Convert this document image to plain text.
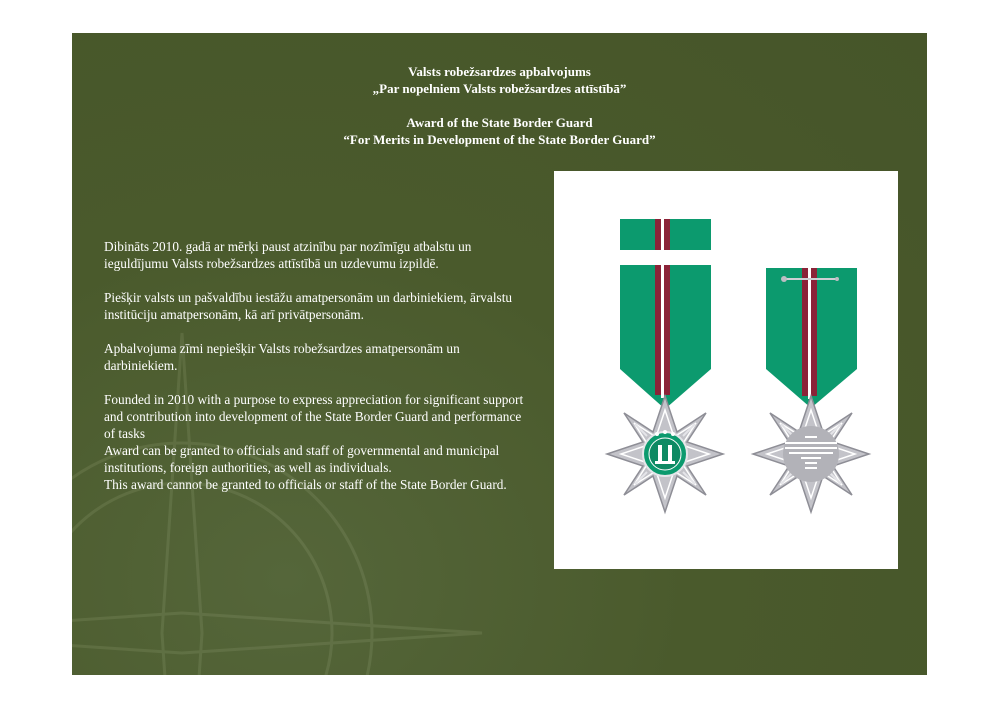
Valsts robežsardzes apbalvojums
„Par nopelniem Valsts robežsardzes attīstībā”
Award of the State Border Guard
“For Merits in Development of the State Border Guard”

Dibināts 2010. gadā ar mērķi paust atzinību par nozīmīgu atbalstu un ieguldījumu Valsts robežsardzes attīstībā un uzdevumu izpildē.

Piešķir valsts un pašvaldību iestāžu amatpersonām un darbiniekiem, ārvalstu institūciju amatpersonām, kā arī privātpersonām.

Apbalvojuma zīmi nepiešķir Valsts robežsardzes amatpersonām un darbiniekiem.

Founded in 2010 with a purpose to express appreciation for significant support and contribution into development of the State Border Guard and performance of tasks

Award can be granted to officials and staff of governmental and municipal institutions, foreign authorities, as well as individuals.

This award cannot be granted to officials or staff of the State Border Guard.
